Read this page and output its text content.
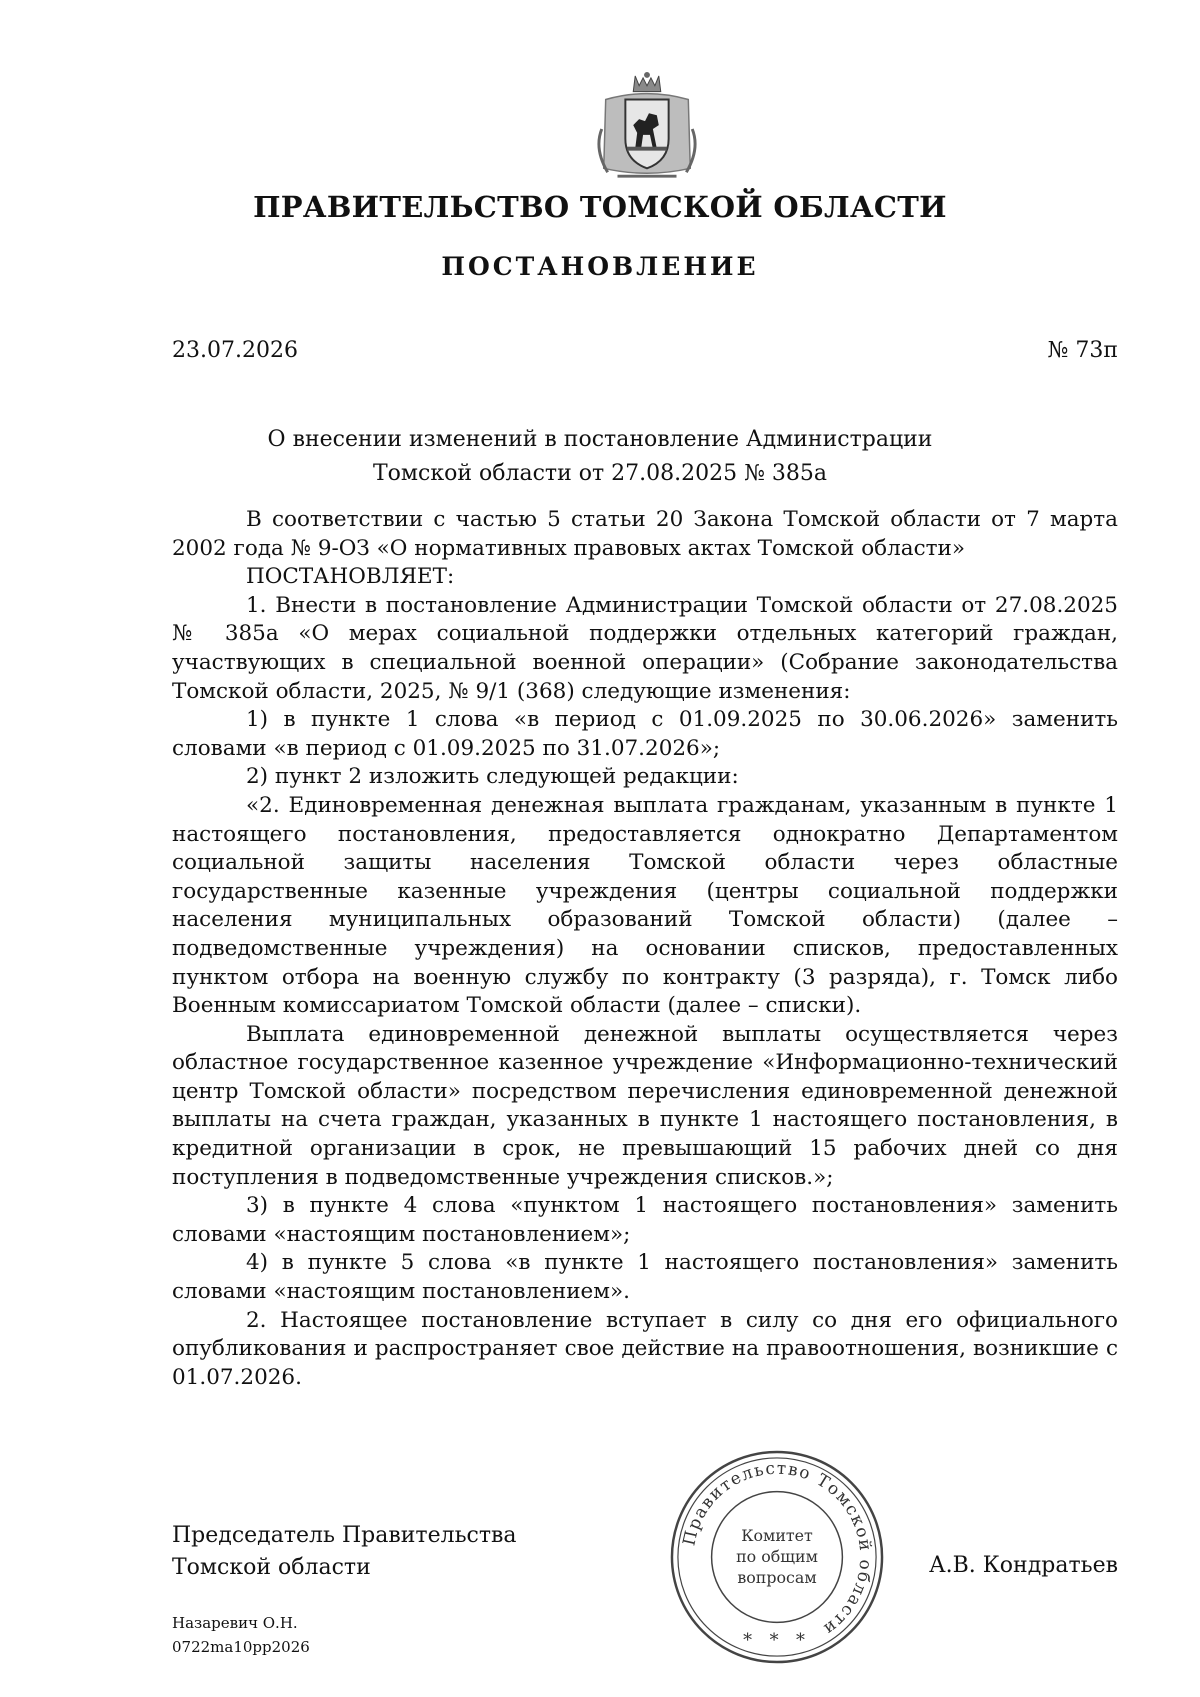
ПРАВИТЕЛЬСТВО ТОМСКОЙ ОБЛАСТИ
ПОСТАНОВЛЕНИЕ
23.07.2026	№ 73п
О внесении изменений в постановление Администрации
Томской области от 27.08.2025 № 385а

В соответствии с частью 5 статьи 20 Закона Томской области от 7 марта 2002 года № 9-ОЗ «О нормативных правовых актах Томской области»

ПОСТАНОВЛЯЕТ:

1. Внести в постановление Администрации Томской области от 27.08.2025 № 385а «О мерах социальной поддержки отдельных категорий граждан, участвующих в специальной военной операции» (Собрание законодательства Томской области, 2025, № 9/1 (368) следующие изменения:

1) в пункте 1 слова «в период с 01.09.2025 по 30.06.2026» заменить словами «в период с 01.09.2025 по 31.07.2026»;

2) пункт 2 изложить следующей редакции:

«2. Единовременная денежная выплата гражданам, указанным в пункте 1 настоящего постановления, предоставляется однократно Департаментом социальной защиты населения Томской области через областные государственные казенные учреждения (центры социальной поддержки населения муниципальных образований Томской области) (далее – подведомственные учреждения) на основании списков, предоставленных пунктом отбора на военную службу по контракту (3 разряда), г. Томск либо Военным комиссариатом Томской области (далее – списки).

Выплата единовременной денежной выплаты осуществляется через областное государственное казенное учреждение «Информационно-технический центр Томской области» посредством перечисления единовременной денежной выплаты на счета граждан, указанных в пункте 1 настоящего постановления, в кредитной организации в срок, не превышающий 15 рабочих дней со дня поступления в подведомственные учреждения списков.»;

3) в пункте 4 слова «пунктом 1 настоящего постановления» заменить словами «настоящим постановлением»;

4) в пункте 5 слова «в пункте 1 настоящего постановления» заменить словами «настоящим постановлением».

2. Настоящее постановление вступает в силу со дня его официального опубликования и распространяет свое действие на правоотношения, возникшие с 01.07.2026.

Председатель Правительства
Томской области
Правительство Томской области
Комитет
по общим
вопросам
* * *
А.В. Кондратьев
Назаревич О.Н.
0722ma10pp2026
